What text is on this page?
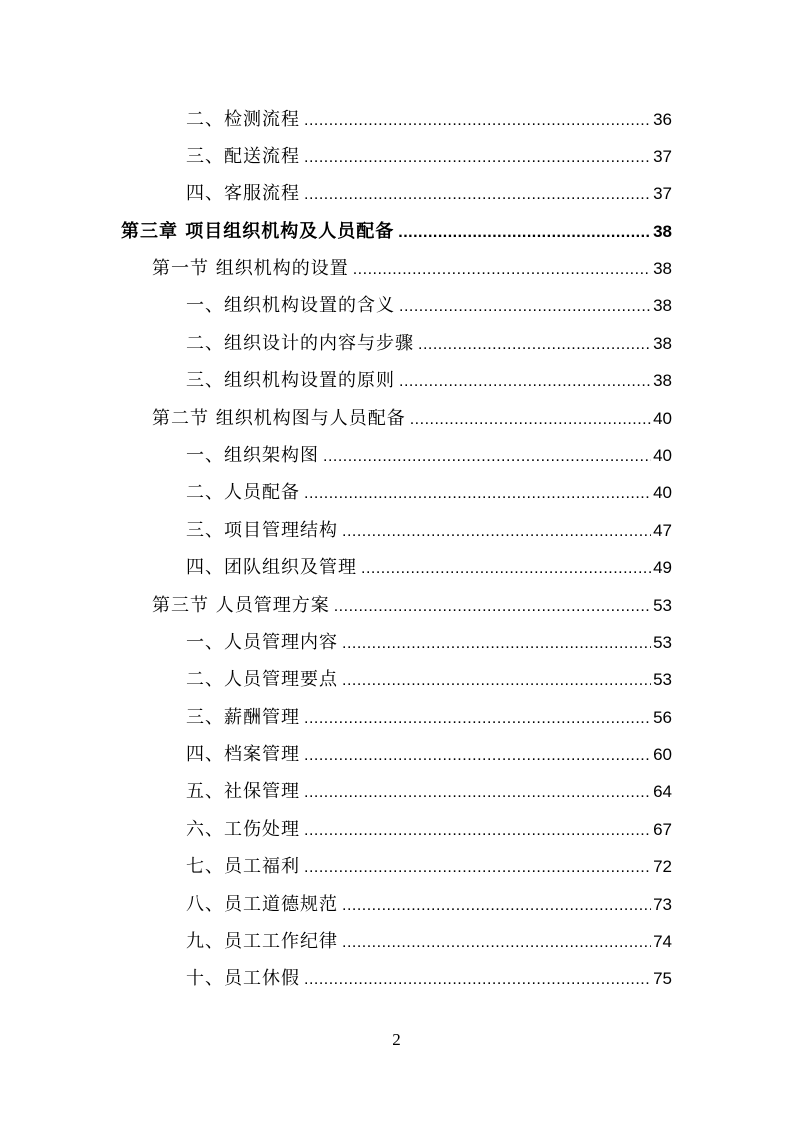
二、检测流程 .....	36
三、配送流程 .....	37
四、客服流程 .....	37
第三章 项目组织机构及人员配备 .....	38
第一节 组织机构的设置 .....	38
一、组织机构设置的含义 .....	38
二、组织设计的内容与步骤 .....	38
三、组织机构设置的原则 .....	38
第二节 组织机构图与人员配备 .....	40
一、组织架构图 .....	40
二、人员配备 .....	40
三、项目管理结构 .....	47
四、团队组织及管理 .....	49
第三节 人员管理方案 .....	53
一、人员管理内容 .....	53
二、人员管理要点 .....	53
三、薪酬管理 .....	56
四、档案管理 .....	60
五、社保管理 .....	64
六、工伤处理 .....	67
七、员工福利 .....	72
八、员工道德规范 .....	73
九、员工工作纪律 .....	74
十、员工休假 .....	75
2
